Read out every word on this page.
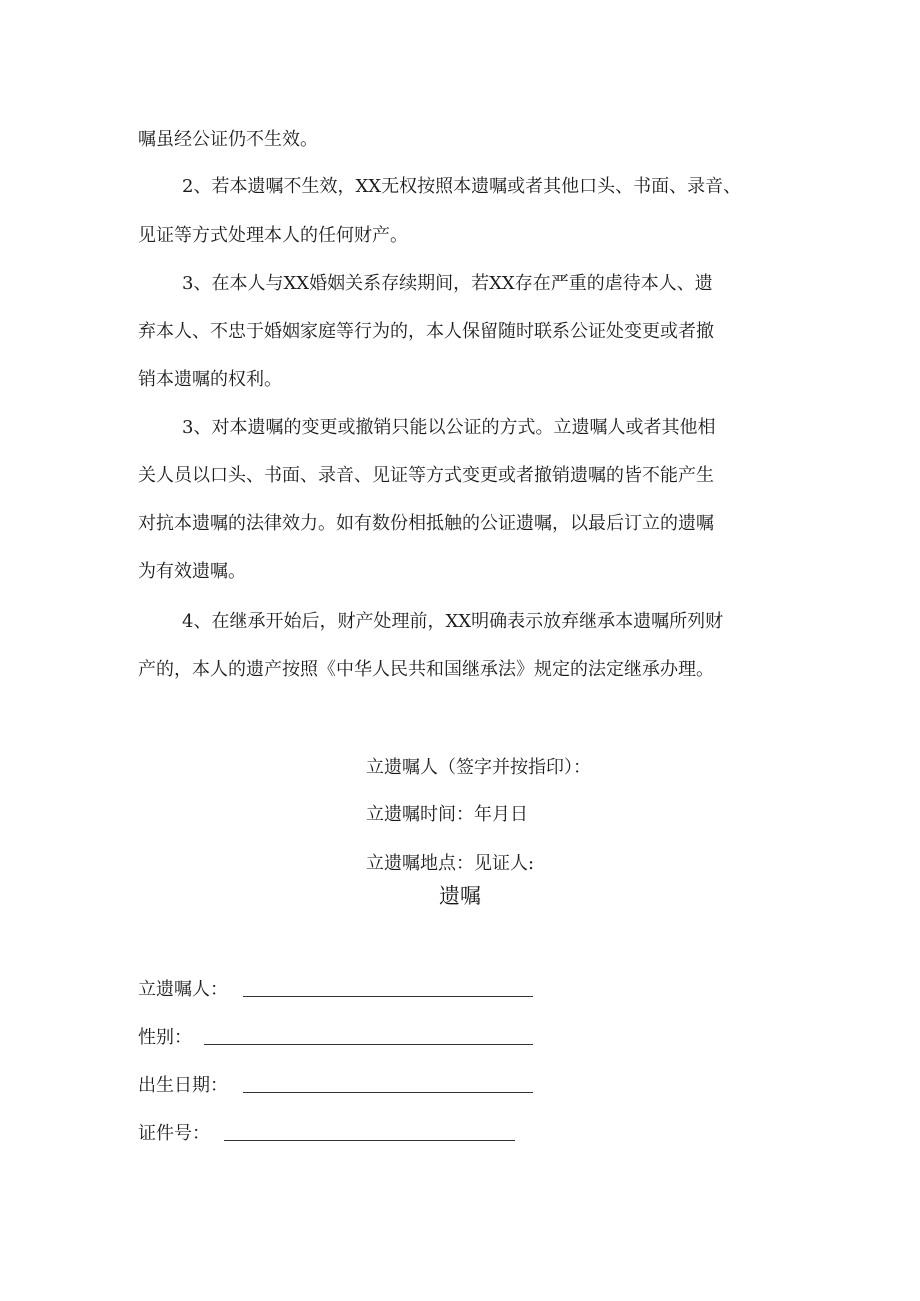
嘱虽经公证仍不生效。
2、若本遗嘱不生效，XX无权按照本遗嘱或者其他口头、书面、录音、
见证等方式处理本人的任何财产。
3、在本人与XX婚姻关系存续期间，若XX存在严重的虐待本人、遗
弃本人、不忠于婚姻家庭等行为的，本人保留随时联系公证处变更或者撤
销本遗嘱的权利。
3、对本遗嘱的变更或撤销只能以公证的方式。立遗嘱人或者其他相
关人员以口头、书面、录音、见证等方式变更或者撤销遗嘱的皆不能产生
对抗本遗嘱的法律效力。如有数份相抵触的公证遗嘱，以最后订立的遗嘱
为有效遗嘱。
4、在继承开始后，财产处理前，XX明确表示放弃继承本遗嘱所列财
产的，本人的遗产按照《中华人民共和国继承法》规定的法定继承办理。
立遗嘱人（签字并按指印）：
立遗嘱时间：年月日
立遗嘱地点：见证人:
遗嘱
立遗嘱人：
性别：
出生日期：
证件号：
